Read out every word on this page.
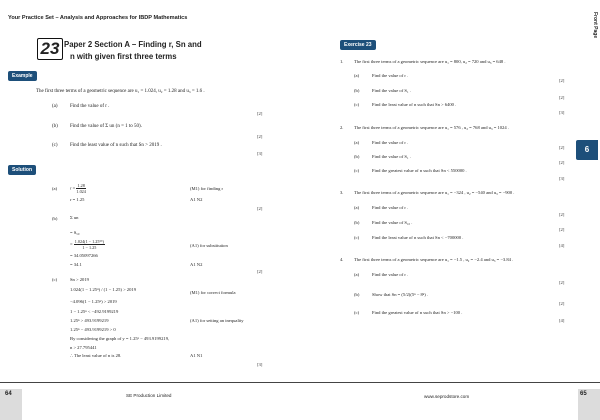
Your Practice Set – Analysis and Approaches for IBDP Mathematics	Front Page
23 Paper 2 Section A – Finding r, Sn and
n with given first three terms
Example
The first three terms of a geometric sequence are u₁ = 1.024, u₂ = 1.28 and u₃ = 1.6 .
(a) Find the value of r .
[2]
(b) Find the value of Σ un (n = 1 to 50).
[2]
(c) Find the least value of n such that Sn > 2019 .
[3]
Solution
(a)	$r = \frac{1.28}{1.024}$
r = 1.25
(M1) for finding r
A1 N2
[2]
(b)	Σ un
= S₅₀
= $\frac{\text{1.024(1 − 1.25⁵⁰)}}{1 - 1.25}$
= 34.05097266
= 34.1
(A1) for substitution
A1 N2
[2]
(c)	Sn > 2019
1.024(1 − 1.25ⁿ) / (1 − 1.25) > 2019
−4.096(1 − 1.25ⁿ) > 2019
1 − 1.25ⁿ < −492.9199219
1.25ⁿ > 493.9199219
1.25ⁿ − 493.9199219 > 0
By considering the graph of y = 1.25ˣ − 493.9199219,
n > 27.795441
∴ The least value of n is 28.
(M1) for correct formula
(A1) for setting an inequality
A1 N1
[3]
Exercise 23
1. The first three terms of a geometric sequence are u₁ = 800, u₂ = 720 and u₃ = 648 .
(a)	Find the value of r .
[2]
(b)	Find the value of S₁ .
[2]
(c)	Find the least value of n such that Sn > 6400 .
[3]
2. The first three terms of a geometric sequence are u₁ = 576 , u₂ = 768 and u₃ = 1024 .
(a)	Find the value of r .
[2]
(b)	Find the value of S₁ .
[2]
(c)	Find the greatest value of n such that Sn < 550000 .
[3]
3. The first three terms of a geometric sequence are u₁ = −324 , u₂ = −540 and u₃ = −900 .
(a)	Find the value of r .
[2]
(b)	Find the value of S₁₀ .
[2]
(c)	Find the least value of n such that Sn < −700000 .
[4]
4. The first three terms of a geometric sequence are u₁ = −1.5 , u₂ = −2.4 and u₃ = −3.84 .
(a)	Find the value of r .
[2]
(b)	Show that Sn = (5/2)(5ⁿ − 8ⁿ) .
[2]
(c)	Find the greatest value of n such that Sn > −100 .
[4]
6
64	SE Production Limited	www.seprodstore.com	65
